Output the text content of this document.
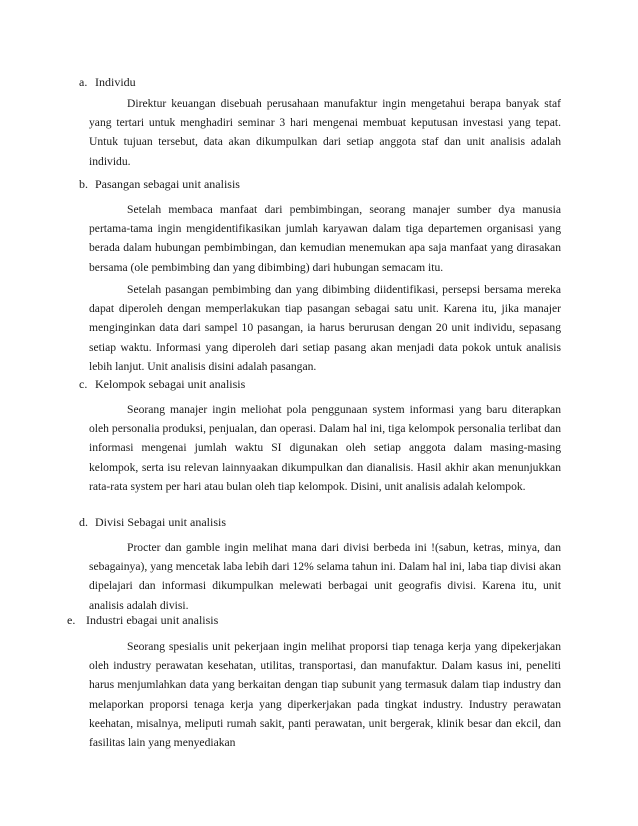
a. Individu

Direktur keuangan disebuah perusahaan manufaktur ingin mengetahui berapa banyak staf yang tertari untuk menghadiri seminar 3 hari mengenai membuat keputusan investasi yang tepat. Untuk tujuan tersebut, data akan dikumpulkan dari setiap anggota staf dan unit analisis adalah individu.

b. Pasangan sebagai unit analisis

Setelah membaca manfaat dari pembimbingan, seorang manajer sumber dya manusia pertama-tama ingin mengidentifikasikan jumlah karyawan dalam tiga departemen organisasi yang berada dalam hubungan pembimbingan, dan kemudian menemukan apa saja manfaat yang dirasakan bersama (ole pembimbing dan yang dibimbing) dari hubungan semacam itu.

Setelah pasangan pembimbing dan yang dibimbing diidentifikasi, persepsi bersama mereka dapat diperoleh dengan memperlakukan tiap pasangan sebagai satu unit. Karena itu, jika manajer menginginkan data dari sampel 10 pasangan, ia harus berurusan dengan 20 unit individu, sepasang setiap waktu. Informasi yang diperoleh dari setiap pasang akan menjadi data pokok untuk analisis lebih lanjut. Unit analisis disini adalah pasangan.

c. Kelompok sebagai unit analisis

Seorang manajer ingin meliohat pola penggunaan system informasi yang baru diterapkan oleh personalia produksi, penjualan, dan operasi. Dalam hal ini, tiga kelompok personalia terlibat dan informasi mengenai jumlah waktu SI digunakan oleh setiap anggota dalam masing-masing kelompok, serta isu relevan lainnyaakan dikumpulkan dan dianalisis. Hasil akhir akan menunjukkan rata-rata system per hari atau bulan oleh tiap kelompok. Disini, unit analisis adalah kelompok.

d. Divisi Sebagai unit analisis

Procter dan gamble ingin melihat mana dari divisi berbeda ini !(sabun, ketras, minya, dan sebagainya), yang mencetak laba lebih dari 12% selama tahun ini. Dalam hal ini, laba tiap divisi akan dipelajari dan informasi dikumpulkan melewati berbagai unit geografis divisi. Karena itu, unit analisis adalah divisi.

e. Industri ebagai unit analisis

Seorang spesialis unit pekerjaan ingin melihat proporsi tiap tenaga kerja yang dipekerjakan oleh industry perawatan kesehatan, utilitas, transportasi, dan manufaktur. Dalam kasus ini, peneliti harus menjumlahkan data yang berkaitan dengan tiap subunit yang termasuk dalam tiap industry dan melaporkan proporsi tenaga kerja yang diperkerjakan pada tingkat industry. Industry perawatan keehatan, misalnya, meliputi rumah sakit, panti perawatan, unit bergerak, klinik besar dan ekcil, dan fasilitas lain yang menyediakan
